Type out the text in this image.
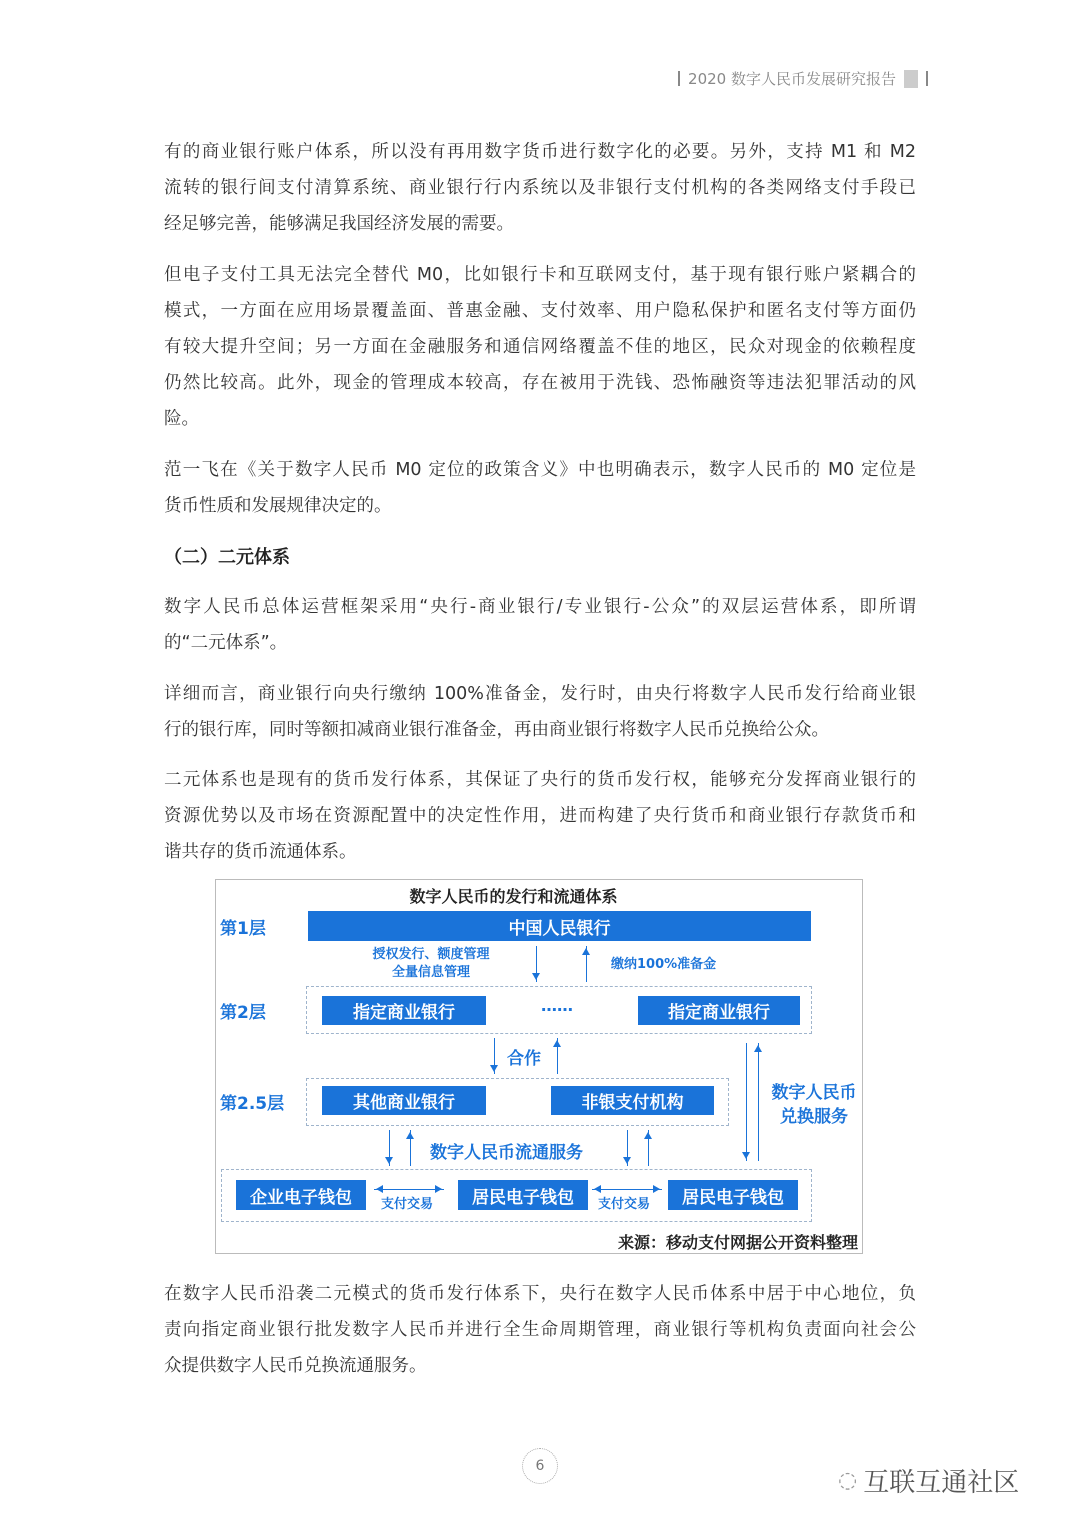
2020 数字人民币发展研究报告
有的商业银行账户体系，所以没有再用数字货币进行数字化的必要。另外，支持 M1 和 M2
流转的银行间支付清算系统、商业银行行内系统以及非银行支付机构的各类网络支付手段已
经足够完善，能够满足我国经济发展的需要。
但电子支付工具无法完全替代 M0，比如银行卡和互联网支付，基于现有银行账户紧耦合的
模式，一方面在应用场景覆盖面、普惠金融、支付效率、用户隐私保护和匿名支付等方面仍
有较大提升空间；另一方面在金融服务和通信网络覆盖不佳的地区，民众对现金的依赖程度
仍然比较高。此外，现金的管理成本较高，存在被用于洗钱、恐怖融资等违法犯罪活动的风
险。
范一飞在《关于数字人民币 M0 定位的政策含义》中也明确表示，数字人民币的 M0 定位是
货币性质和发展规律决定的。
（二）二元体系
数字人民币总体运营框架采用“央行-商业银行/专业银行-公众”的双层运营体系，即所谓
的“二元体系”。
详细而言，商业银行向央行缴纳 100%准备金，发行时，由央行将数字人民币发行给商业银
行的银行库，同时等额扣减商业银行准备金，再由商业银行将数字人民币兑换给公众。
二元体系也是现有的货币发行体系，其保证了央行的货币发行权，能够充分发挥商业银行的
资源优势以及市场在资源配置中的决定性作用，进而构建了央行货币和商业银行存款货币和
谐共存的货币流通体系。
在数字人民币沿袭二元模式的货币发行体系下，央行在数字人民币体系中居于中心地位，负
责向指定商业银行批发数字人民币并进行全生命周期管理，商业银行等机构负责面向社会公
众提供数字人民币兑换流通服务。
数字人民币的发行和流通体系
第1层
第2层
第2.5层
中国人民银行
授权发行、额度管理
全量信息管理
缴纳100%准备金
指定商业银行	……	指定商业银行
合作
其他商业银行	非银支付机构	数字人民币
兑换服务
数字人民币流通服务
企业电子钱包	支付交易	居民电子钱包	支付交易	居民电子钱包
来源：移动支付网据公开资料整理
6
◌ 互联互通社区
